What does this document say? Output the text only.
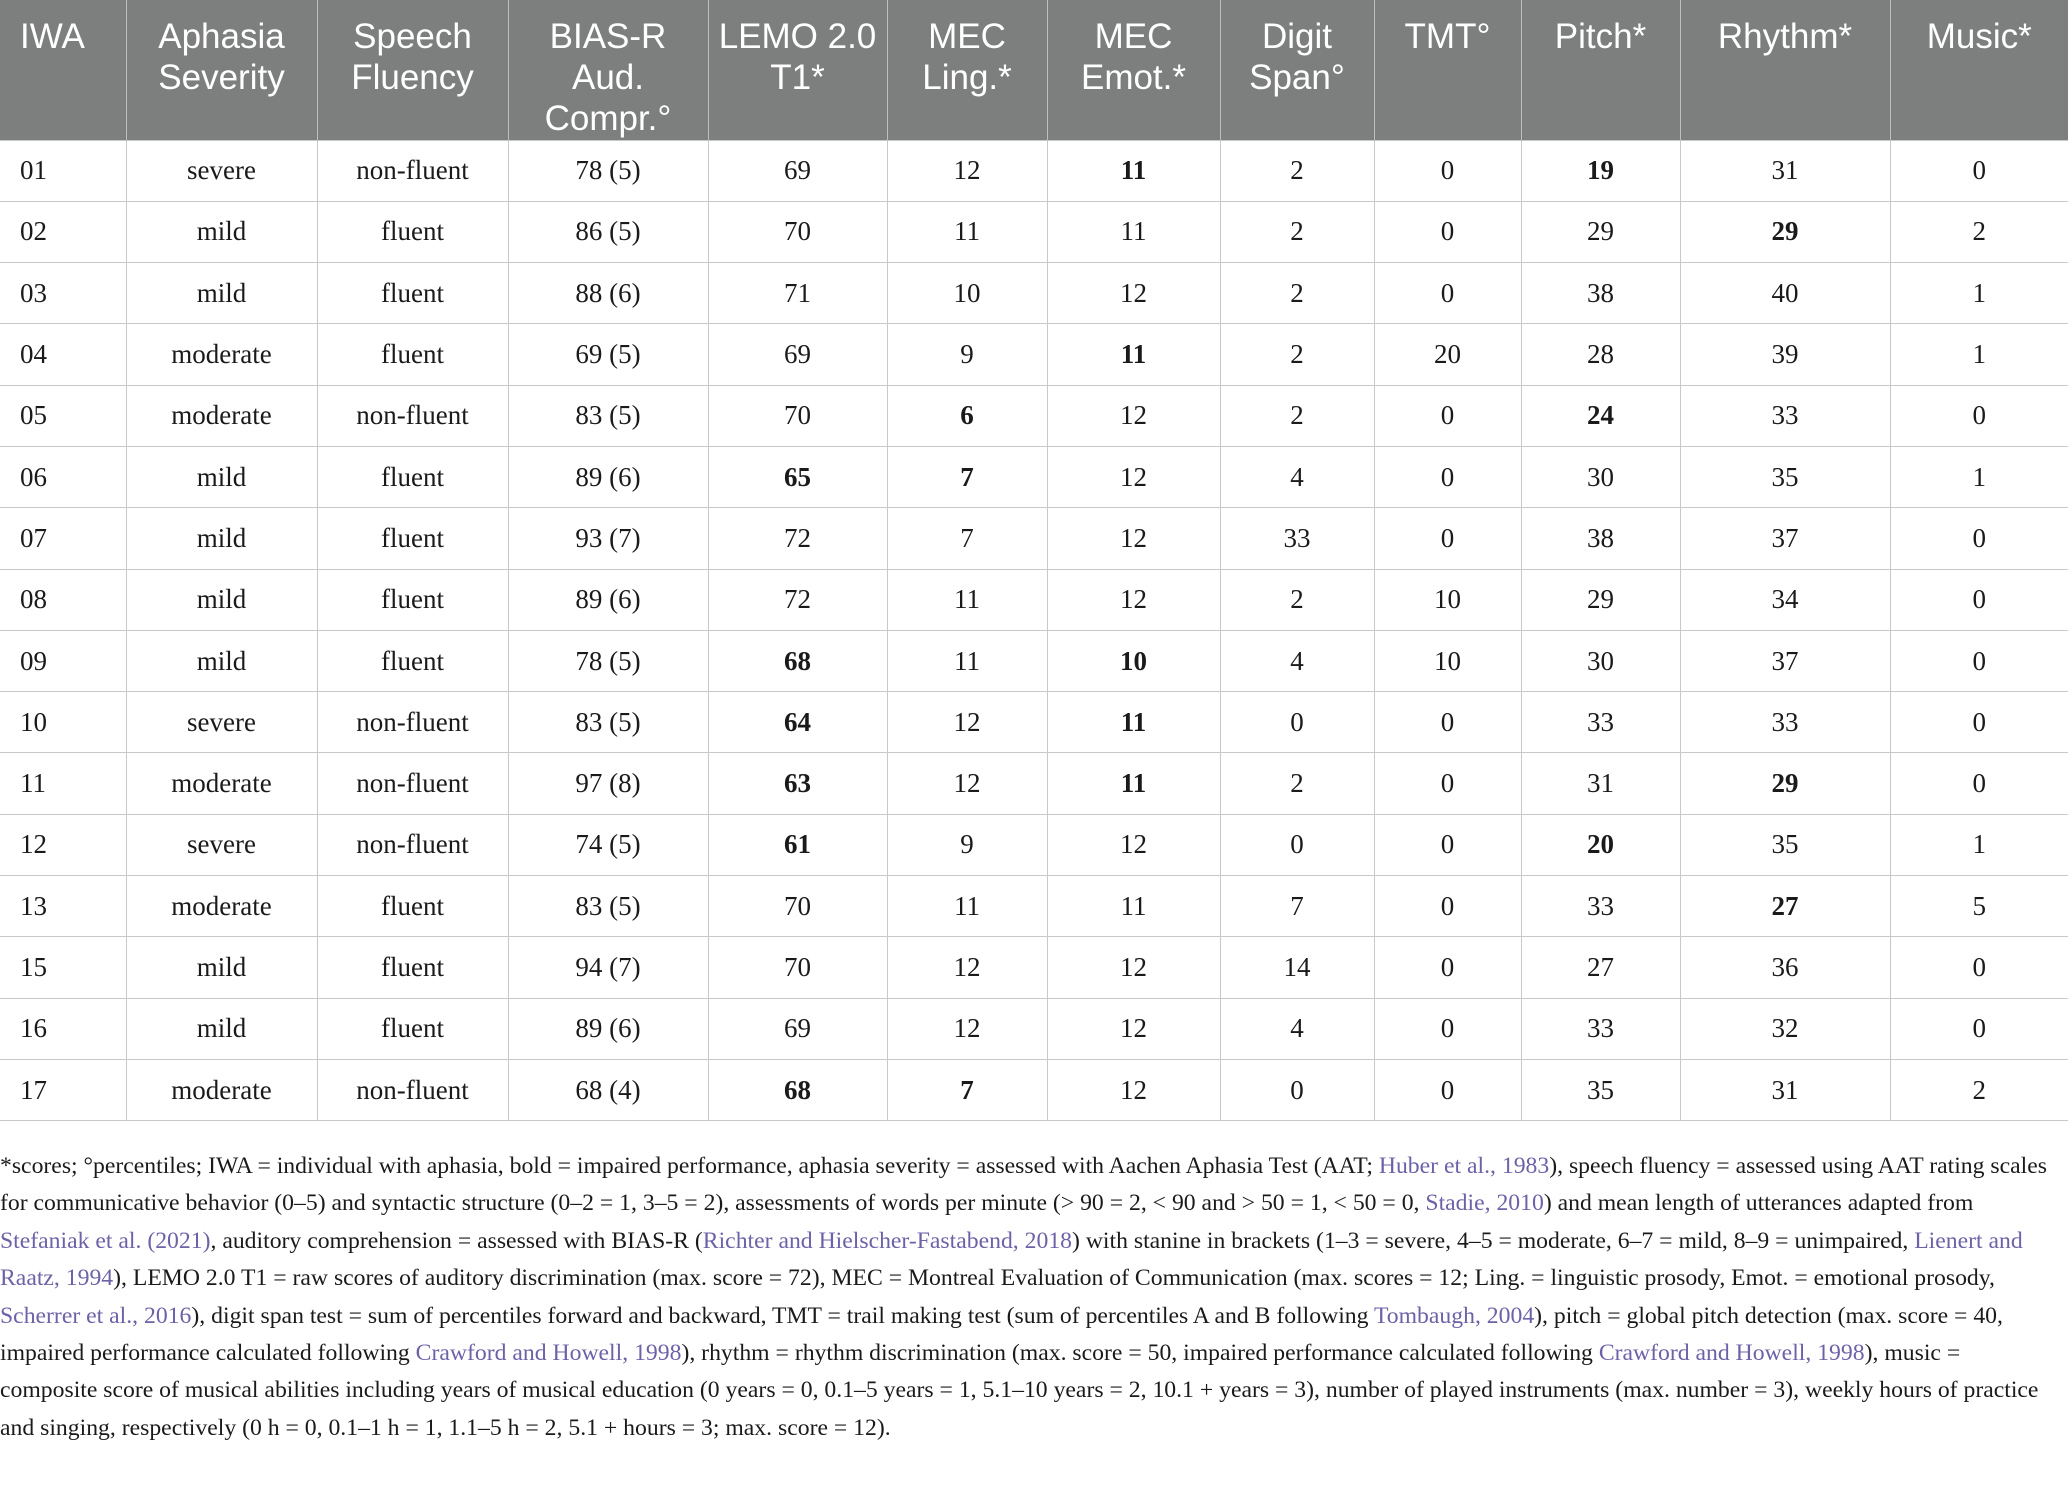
IWA	Aphasia Severity	Speech Fluency	BIAS-R Aud. Compr.°	LEMO 2.0 T1*	MEC Ling.*	MEC Emot.*	Digit Span°	TMT°	Pitch*	Rhythm*	Music*
01	severe	non-fluent	78 (5)	69	12	11	2	0	19	31	0
02	mild	fluent	86 (5)	70	11	11	2	0	29	29	2
03	mild	fluent	88 (6)	71	10	12	2	0	38	40	1
04	moderate	fluent	69 (5)	69	9	11	2	20	28	39	1
05	moderate	non-fluent	83 (5)	70	6	12	2	0	24	33	0
06	mild	fluent	89 (6)	65	7	12	4	0	30	35	1
07	mild	fluent	93 (7)	72	7	12	33	0	38	37	0
08	mild	fluent	89 (6)	72	11	12	2	10	29	34	0
09	mild	fluent	78 (5)	68	11	10	4	10	30	37	0
10	severe	non-fluent	83 (5)	64	12	11	0	0	33	33	0
11	moderate	non-fluent	97 (8)	63	12	11	2	0	31	29	0
12	severe	non-fluent	74 (5)	61	9	12	0	0	20	35	1
13	moderate	fluent	83 (5)	70	11	11	7	0	33	27	5
15	mild	fluent	94 (7)	70	12	12	14	0	27	36	0
16	mild	fluent	89 (6)	69	12	12	4	0	33	32	0
17	moderate	non-fluent	68 (4)	68	7	12	0	0	35	31	2

*scores; °percentiles; IWA = individual with aphasia, bold = impaired performance, aphasia severity = assessed with Aachen Aphasia Test (AAT; Huber et al., 1983), speech fluency = assessed using AAT rating scales for communicative behavior (0–5) and syntactic structure (0–2 = 1, 3–5 = 2), assessments of words per minute (> 90 = 2, < 90 and > 50 = 1, < 50 = 0, Stadie, 2010) and mean length of utterances adapted from Stefaniak et al. (2021), auditory comprehension = assessed with BIAS-R (Richter and Hielscher-Fastabend, 2018) with stanine in brackets (1–3 = severe, 4–5 = moderate, 6–7 = mild, 8–9 = unimpaired, Lienert and Raatz, 1994), LEMO 2.0 T1 = raw scores of auditory discrimination (max. score = 72), MEC = Montreal Evaluation of Communication (max. scores = 12; Ling. = linguistic prosody, Emot. = emotional prosody, Scherrer et al., 2016), digit span test = sum of percentiles forward and backward, TMT = trail making test (sum of percentiles A and B following Tombaugh, 2004), pitch = global pitch detection (max. score = 40, impaired performance calculated following Crawford and Howell, 1998), rhythm = rhythm discrimination (max. score = 50, impaired performance calculated following Crawford and Howell, 1998), music = composite score of musical abilities including years of musical education (0 years = 0, 0.1–5 years = 1, 5.1–10 years = 2, 10.1 + years = 3), number of played instruments (max. number = 3), weekly hours of practice and singing, respectively (0 h = 0, 0.1–1 h = 1, 1.1–5 h = 2, 5.1 + hours = 3; max. score = 12).
